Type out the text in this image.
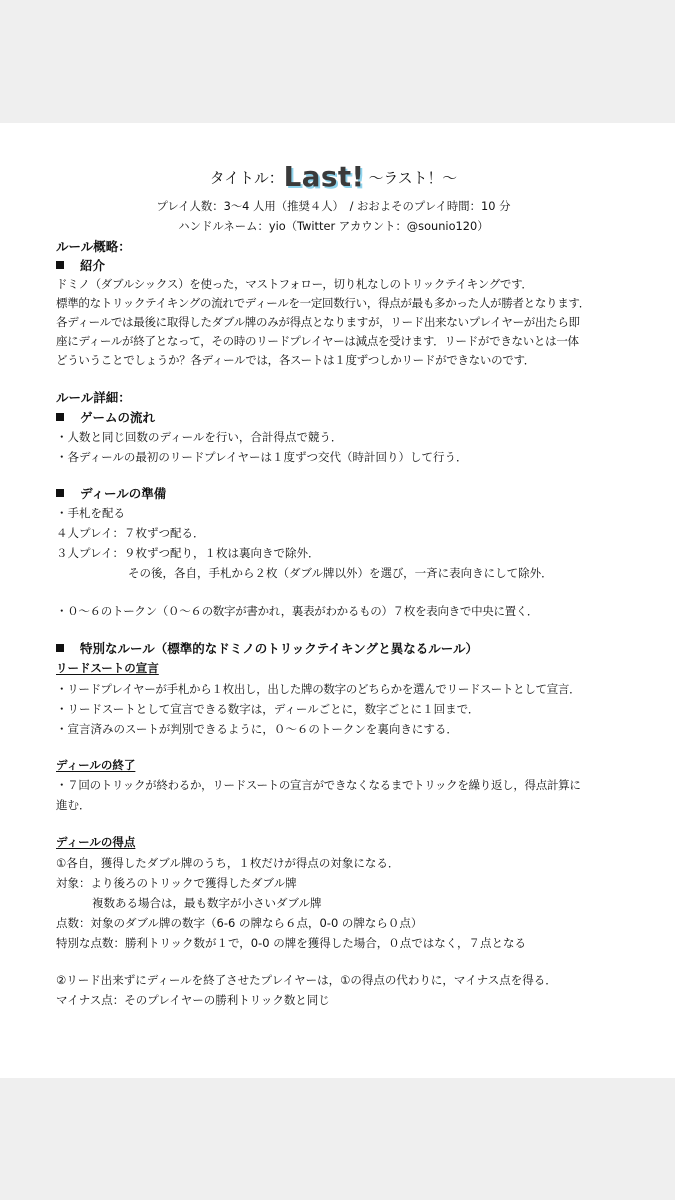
タイトル：Last! ～ラスト！～
プレイ人数：3～4 人用（推奨４人）　/ おおよそのプレイ時間：10 分
ハンドルネーム：yio（Twitter アカウント：@sounio120）
ルール概略：
紹介
ドミノ（ダブルシックス）を使った，マストフォロー，切り札なしのトリックテイキングです．
標準的なトリックテイキングの流れでディールを一定回数行い，得点が最も多かった人が勝者となります．
各ディールでは最後に取得したダブル牌のみが得点となりますが，リード出来ないプレイヤーが出たら即
座にディールが終了となって，その時のリードプレイヤーは減点を受けます．リードができないとは一体
どういうことでしょうか？各ディールでは，各スートは１度ずつしかリードができないのです．
ルール詳細：
ゲームの流れ
・人数と同じ回数のディールを行い，合計得点で競う．
・各ディールの最初のリードプレイヤーは１度ずつ交代（時計回り）して行う．
ディールの準備
・手札を配る
４人プレイ：７枚ずつ配る．
３人プレイ：９枚ずつ配り，１枚は裏向きで除外．
その後，各自，手札から２枚（ダブル牌以外）を選び，一斉に表向きにして除外．
・０～６のトークン（０～６の数字が書かれ，裏表がわかるもの）７枚を表向きで中央に置く．
特別なルール（標準的なドミノのトリックテイキングと異なるルール）
リードスートの宣言
・リードプレイヤーが手札から１枚出し，出した牌の数字のどちらかを選んでリードスートとして宣言．
・リードスートとして宣言できる数字は，ディールごとに，数字ごとに１回まで．
・宣言済みのスートが判別できるように，０～６のトークンを裏向きにする．
ディールの終了
・７回のトリックが終わるか，リードスートの宣言ができなくなるまでトリックを繰り返し，得点計算に
進む．
ディールの得点
①各自，獲得したダブル牌のうち，１枚だけが得点の対象になる．
対象：より後ろのトリックで獲得したダブル牌
複数ある場合は，最も数字が小さいダブル牌
点数：対象のダブル牌の数字（6-6 の牌なら６点，0-0 の牌なら０点）
特別な点数：勝利トリック数が１で，0-0 の牌を獲得した場合，０点ではなく，７点となる
②リード出来ずにディールを終了させたプレイヤーは，①の得点の代わりに，マイナス点を得る．
マイナス点：そのプレイヤーの勝利トリック数と同じ
